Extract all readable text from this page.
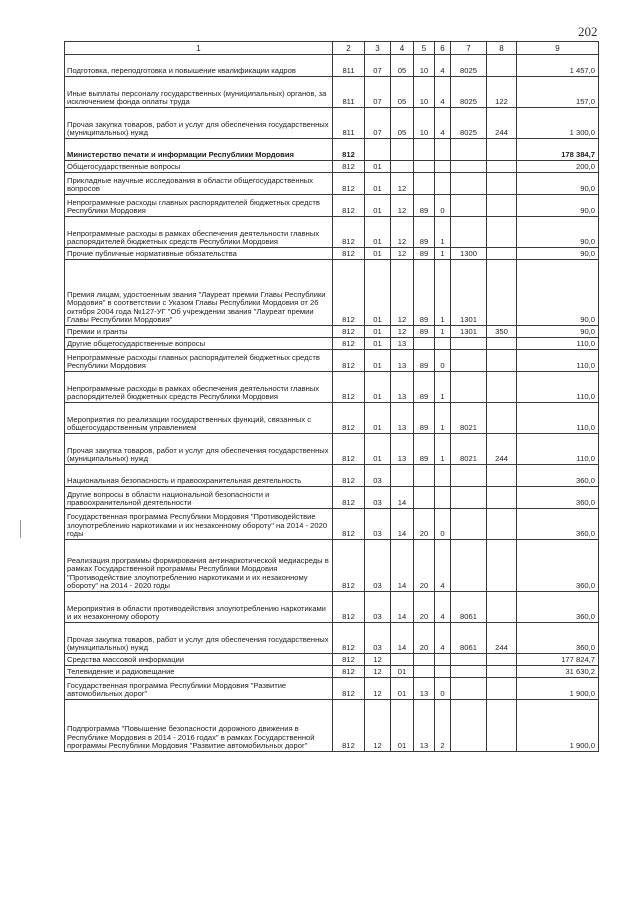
202
1	2	3	4	5	6	7	8	9
Подготовка, переподготовка и повышение квалификации кадров	811	07	05	10	4	8025		1 457,0
Иные выплаты персоналу государственных (муниципальных) органов, за исключением фонда оплаты труда	811	07	05	10	4	8025	122	157,0
Прочая закупка товаров, работ и услуг для обеспечения государственных (муниципальных) нужд	811	07	05	10	4	8025	244	1 300,0
Министерство печати и информации Республики Мордовия	812							178 384,7
Общегосударственные вопросы	812	01						200,0
Прикладные научные исследования в области общегосударственных вопросов	812	01	12					90,0
Непрограммные расходы главных распорядителей бюджетных средств Республики Мордовия	812	01	12	89	0			90,0
Непрограммные расходы в рамках обеспечения деятельности главных распорядителей бюджетных средств Республики Мордовия	812	01	12	89	1			90,0
Прочие публичные нормативные обязательства	812	01	12	89	1	1300		90,0
Премия лицам, удостоенным звания "Лауреат премии Главы Республики Мордовия" в соответствии с Указом Главы Республики Мордовия от 26 октября 2004 года №127-УГ "Об учреждении звания "Лауреат премии Главы Республики Мордовия"	812	01	12	89	1	1301		90,0
Премии и гранты	812	01	12	89	1	1301	350	90,0
Другие общегосударственные вопросы	812	01	13					110,0
Непрограммные расходы главных распорядителей бюджетных средств Республики Мордовия	812	01	13	89	0			110,0
Непрограммные расходы в рамках обеспечения деятельности главных распорядителей бюджетных средств Республики Мордовия	812	01	13	89	1			110,0
Мероприятия по реализации государственных функций, связанных с общегосударственным управлением	812	01	13	89	1	8021		110,0
Прочая закупка товаров, работ и услуг для обеспечения государственных (муниципальных) нужд	812	01	13	89	1	8021	244	110,0
Национальная безопасность и правоохранительная деятельность	812	03						360,0
Другие вопросы в области национальной безопасности и правоохранительной деятельности	812	03	14					360,0
Государственная программа Республики Мордовия "Противодействие злоупотреблению наркотиками и их незаконному обороту" на 2014 - 2020 годы	812	03	14	20	0			360,0
Реализация программы формирования антинаркотической медиасреды в рамках Государственной программы Республики Мордовия "Противодействие злоупотреблению наркотиками и их незаконному обороту" на 2014 - 2020 годы	812	03	14	20	4			360,0
Мероприятия в области противодействия злоупотреблению наркотиками и их незаконному обороту	812	03	14	20	4	8061		360,0
Прочая закупка товаров, работ и услуг для обеспечения государственных (муниципальных) нужд	812	03	14	20	4	8061	244	360,0
Средства массовой информации	812	12						177 824,7
Телевидение и радиовещание	812	12	01					31 630,2
Государственная программа Республики Мордовия "Развитие автомобильных дорог"	812	12	01	13	0			1 900,0
Подпрограмма "Повышение безопасности дорожного движения в Республике Мордовия в 2014 - 2016 годах" в рамках Государственной программы Республики Мордовия "Развитие автомобильных дорог"	812	12	01	13	2			1 900,0
